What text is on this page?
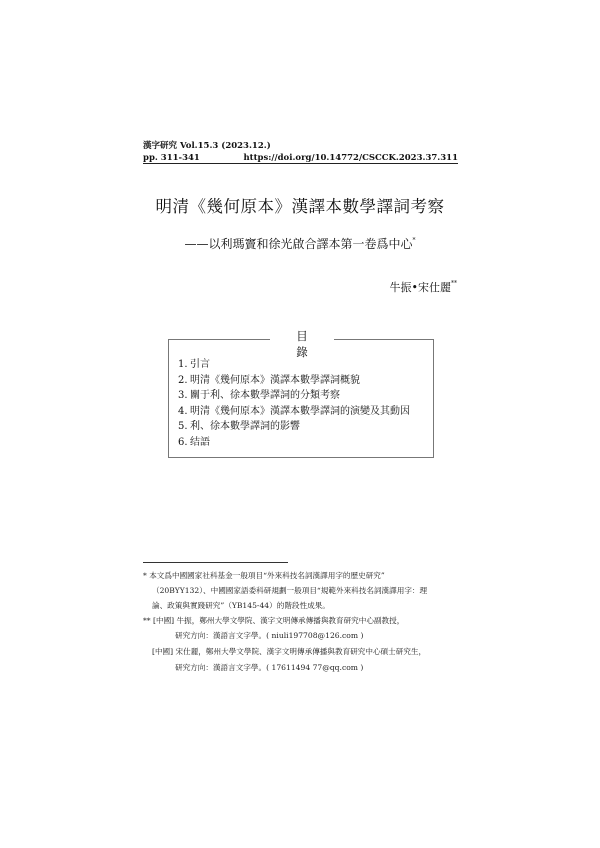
漢字研究 Vol.15.3 (2023.12.)
pp. 311-341	https://doi.org/10.14772/CSCCK.2023.37.311
明清《幾何原本》漢譯本數學譯詞考察
——以利瑪竇和徐光啟合譯本第一卷爲中心*
牛振•宋仕麗**
目 錄
1. 引言
2. 明清《幾何原本》漢譯本數學譯詞概貌
3. 關于利、徐本數學譯詞的分類考察
4. 明清《幾何原本》漢譯本數學譯詞的演變及其動因
5. 利、徐本數學譯詞的影響
6. 结語
* 本文爲中國國家社科基金一般項目“外來科技名詞漢譯用字的歷史研究”
（20BYY132）、中國國家語委科研規劃一般項目“規範外來科技名詞漢譯用字：理
論、政策與實踐研究”（YB145-44）的階段性成果。
** [中國] 牛振，鄭州大學文學院、漢字文明傳承傳播與教育研究中心副教授，
研究方向：漢語言文字學。( niuli197708@126.com )
[中國] 宋仕麗，鄭州大學文學院、漢字文明傳承傳播與教育研究中心碩士研究生，
研究方向：漢語言文字學。( 17611494 77@qq.com )
